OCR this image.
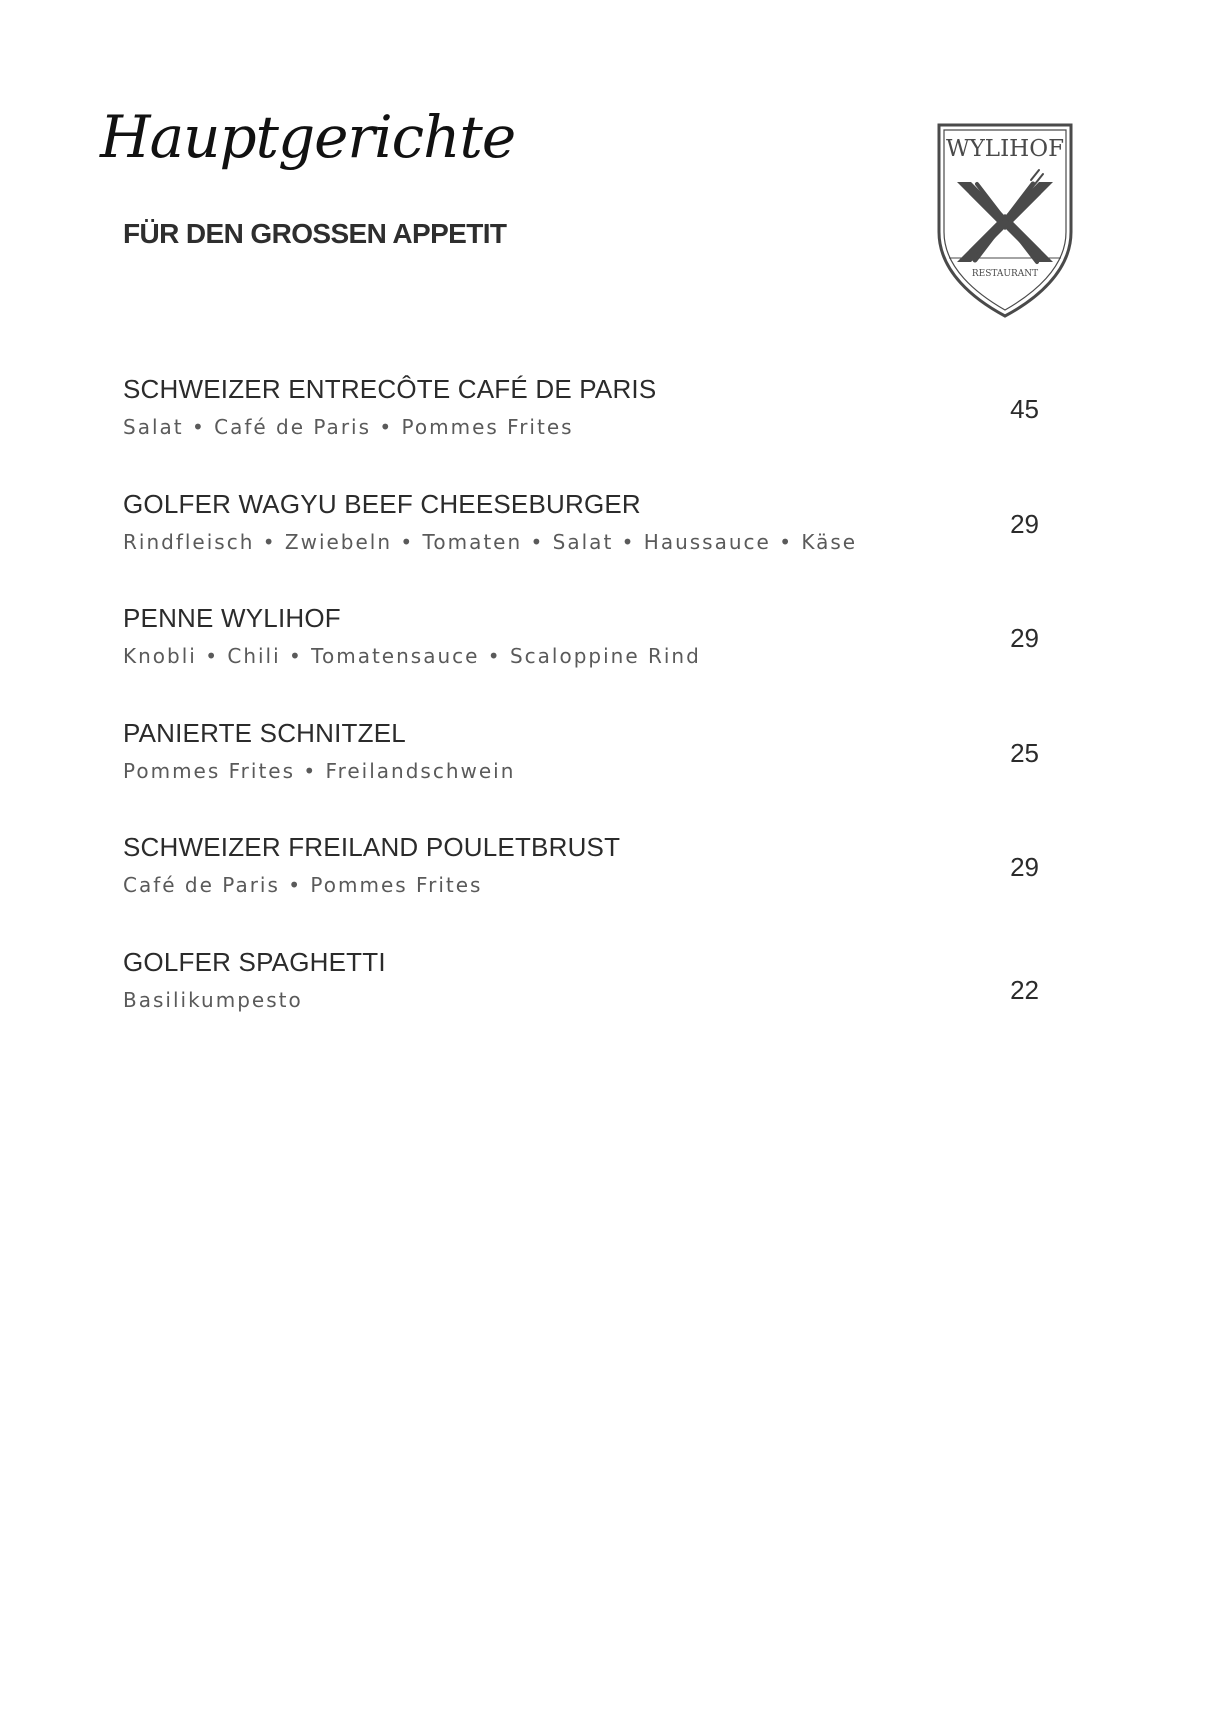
Hauptgerichte
FÜR DEN GROSSEN APPETIT
WYLIHOF
RESTAURANT
SCHWEIZER ENTRECÔTE CAFÉ DE PARIS
Salat • Café de Paris • Pommes Frites
45
GOLFER WAGYU BEEF CHEESEBURGER
Rindfleisch • Zwiebeln • Tomaten • Salat • Haussauce • Käse
29
PENNE WYLIHOF
Knobli • Chili • Tomatensauce • Scaloppine Rind
29
PANIERTE SCHNITZEL
Pommes Frites • Freilandschwein
25
SCHWEIZER FREILAND POULETBRUST
Café de Paris • Pommes Frites
29
GOLFER SPAGHETTI
Basilikumpesto	22
